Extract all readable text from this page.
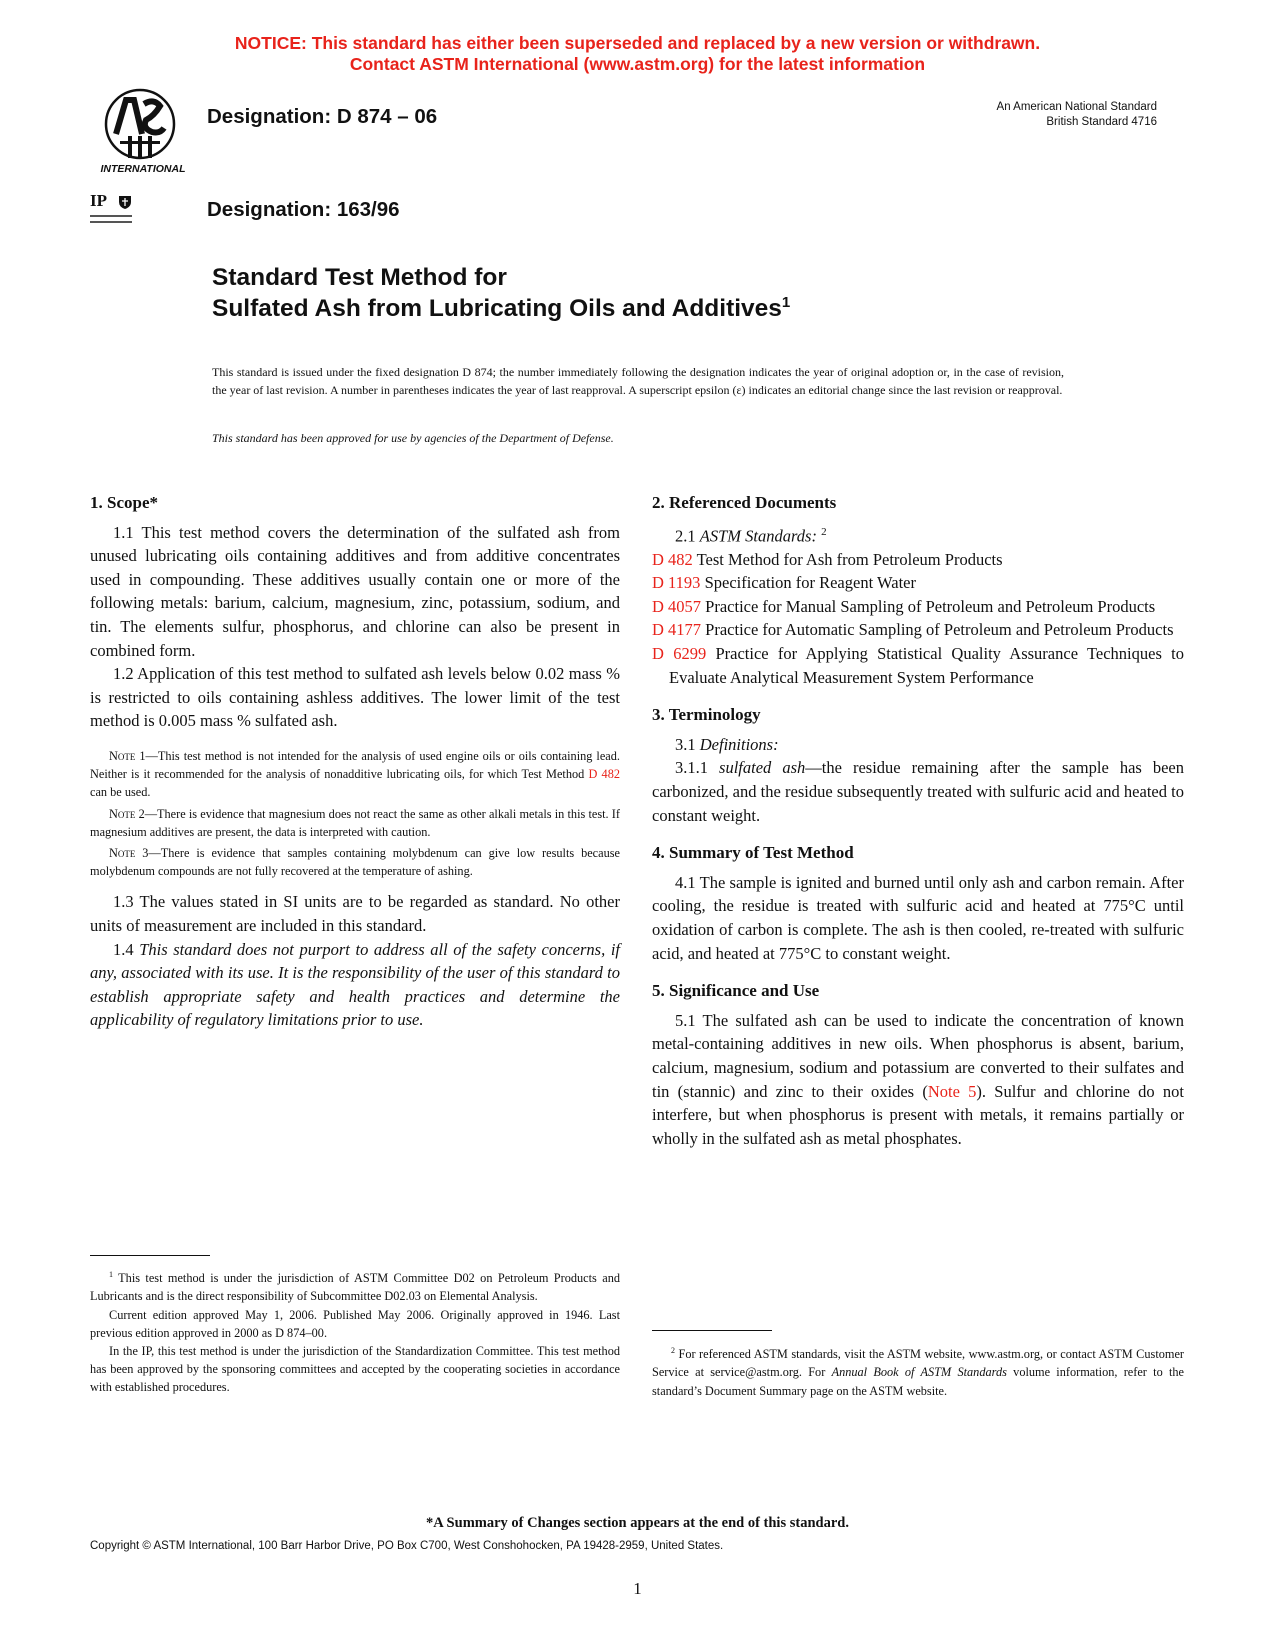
NOTICE: This standard has either been superseded and replaced by a new version or withdrawn.
Contact ASTM International (www.astm.org) for the latest information
INTERNATIONAL
IP
Designation: D 874 – 06
Designation: 163/96
An American National Standard
British Standard 4716
Standard Test Method for
Sulfated Ash from Lubricating Oils and Additives$^1$
This standard is issued under the fixed designation D 874; the number immediately following the designation indicates the year of original adoption or, in the case of revision, the year of last revision. A number in parentheses indicates the year of last reapproval. A superscript epsilon (ε) indicates an editorial change since the last revision or reapproval.
This standard has been approved for use by agencies of the Department of Defense.
1. Scope*

1.1 This test method covers the determination of the sulfated ash from unused lubricating oils containing additives and from additive concentrates used in compounding. These additives usually contain one or more of the following metals: barium, calcium, magnesium, zinc, potassium, sodium, and tin. The elements sulfur, phosphorus, and chlorine can also be present in combined form.

1.2 Application of this test method to sulfated ash levels below 0.02 mass % is restricted to oils containing ashless additives. The lower limit of the test method is 0.005 mass % sulfated ash.

Note 1—This test method is not intended for the analysis of used engine oils or oils containing lead. Neither is it recommended for the analysis of nonadditive lubricating oils, for which Test Method D 482 can be used.

Note 2—There is evidence that magnesium does not react the same as other alkali metals in this test. If magnesium additives are present, the data is interpreted with caution.

Note 3—There is evidence that samples containing molybdenum can give low results because molybdenum compounds are not fully recovered at the temperature of ashing.

1.3 The values stated in SI units are to be regarded as standard. No other units of measurement are included in this standard.

1.4 This standard does not purport to address all of the safety concerns, if any, associated with its use. It is the responsibility of the user of this standard to establish appropriate safety and health practices and determine the applicability of regulatory limitations prior to use.

$^1$ This test method is under the jurisdiction of ASTM Committee D02 on Petroleum Products and Lubricants and is the direct responsibility of Subcommittee D02.03 on Elemental Analysis.

Current edition approved May 1, 2006. Published May 2006. Originally approved in 1946. Last previous edition approved in 2000 as D 874–00.

In the IP, this test method is under the jurisdiction of the Standardization Committee. This test method has been approved by the sponsoring committees and accepted by the cooperating societies in accordance with established procedures.

2. Referenced Documents

2.1 ASTM Standards: $^2$

D 482 Test Method for Ash from Petroleum Products

D 1193 Specification for Reagent Water

D 4057 Practice for Manual Sampling of Petroleum and Petroleum Products

D 4177 Practice for Automatic Sampling of Petroleum and Petroleum Products

D 6299 Practice for Applying Statistical Quality Assurance Techniques to Evaluate Analytical Measurement System Performance

3. Terminology

3.1 Definitions:

3.1.1 sulfated ash—the residue remaining after the sample has been carbonized, and the residue subsequently treated with sulfuric acid and heated to constant weight.

4. Summary of Test Method

4.1 The sample is ignited and burned until only ash and carbon remain. After cooling, the residue is treated with sulfuric acid and heated at 775°C until oxidation of carbon is complete. The ash is then cooled, re-treated with sulfuric acid, and heated at 775°C to constant weight.

5. Significance and Use

5.1 The sulfated ash can be used to indicate the concentration of known metal-containing additives in new oils. When phosphorus is absent, barium, calcium, magnesium, sodium and potassium are converted to their sulfates and tin (stannic) and zinc to their oxides (Note 5). Sulfur and chlorine do not interfere, but when phosphorus is present with metals, it remains partially or wholly in the sulfated ash as metal phosphates.

$^2$ For referenced ASTM standards, visit the ASTM website, www.astm.org, or contact ASTM Customer Service at service@astm.org. For Annual Book of ASTM Standards volume information, refer to the standard’s Document Summary page on the ASTM website.

*A Summary of Changes section appears at the end of this standard.
Copyright © ASTM International, 100 Barr Harbor Drive, PO Box C700, West Conshohocken, PA 19428-2959, United States.
1
